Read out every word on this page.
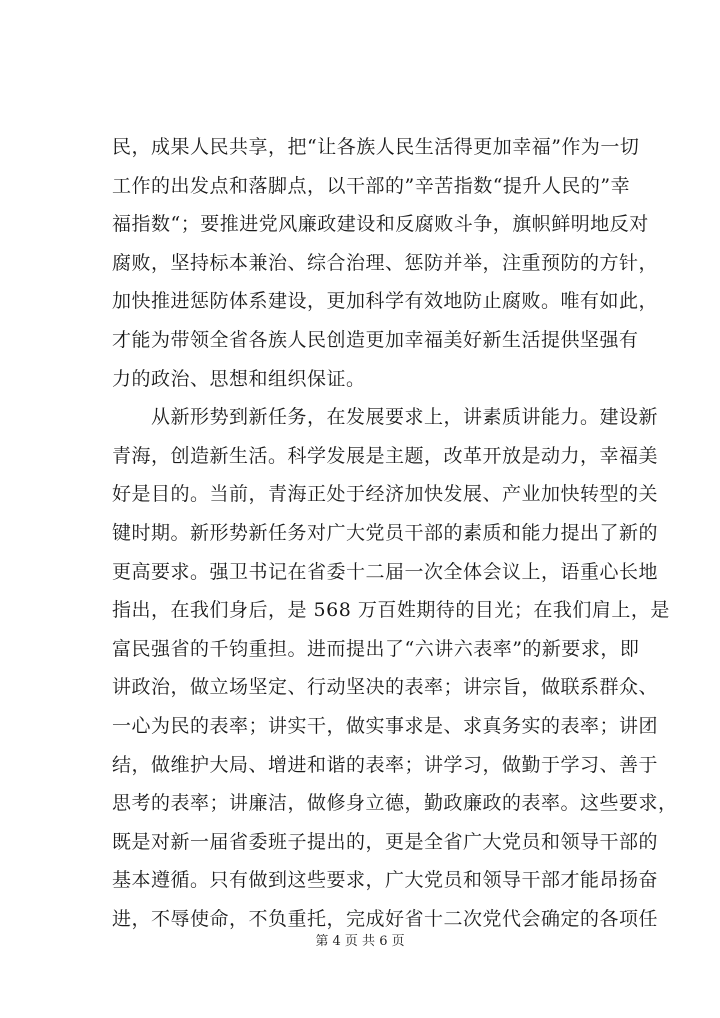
民，成果人民共享，把“让各族人民生活得更加幸福”作为一切
工作的出发点和落脚点，以干部的”辛苦指数“提升人民的”幸
福指数“；要推进党风廉政建设和反腐败斗争，旗帜鲜明地反对
腐败，坚持标本兼治、综合治理、惩防并举，注重预防的方针，
加快推进惩防体系建设，更加科学有效地防止腐败。唯有如此，
才能为带领全省各族人民创造更加幸福美好新生活提供坚强有
力的政治、思想和组织保证。
　　从新形势到新任务，在发展要求上，讲素质讲能力。建设新
青海，创造新生活。科学发展是主题，改革开放是动力，幸福美
好是目的。当前，青海正处于经济加快发展、产业加快转型的关
键时期。新形势新任务对广大党员干部的素质和能力提出了新的
更高要求。强卫书记在省委十二届一次全体会议上，语重心长地
指出，在我们身后，是 568 万百姓期待的目光；在我们肩上，是
富民强省的千钧重担。进而提出了“六讲六表率”的新要求，即
讲政治，做立场坚定、行动坚决的表率；讲宗旨，做联系群众、
一心为民的表率；讲实干，做实事求是、求真务实的表率；讲团
结，做维护大局、增进和谐的表率；讲学习，做勤于学习、善于
思考的表率；讲廉洁，做修身立德，勤政廉政的表率。这些要求，
既是对新一届省委班子提出的，更是全省广大党员和领导干部的
基本遵循。只有做到这些要求，广大党员和领导干部才能昂扬奋
进，不辱使命，不负重托，完成好省十二次党代会确定的各项任
第 4 页 共 6 页
